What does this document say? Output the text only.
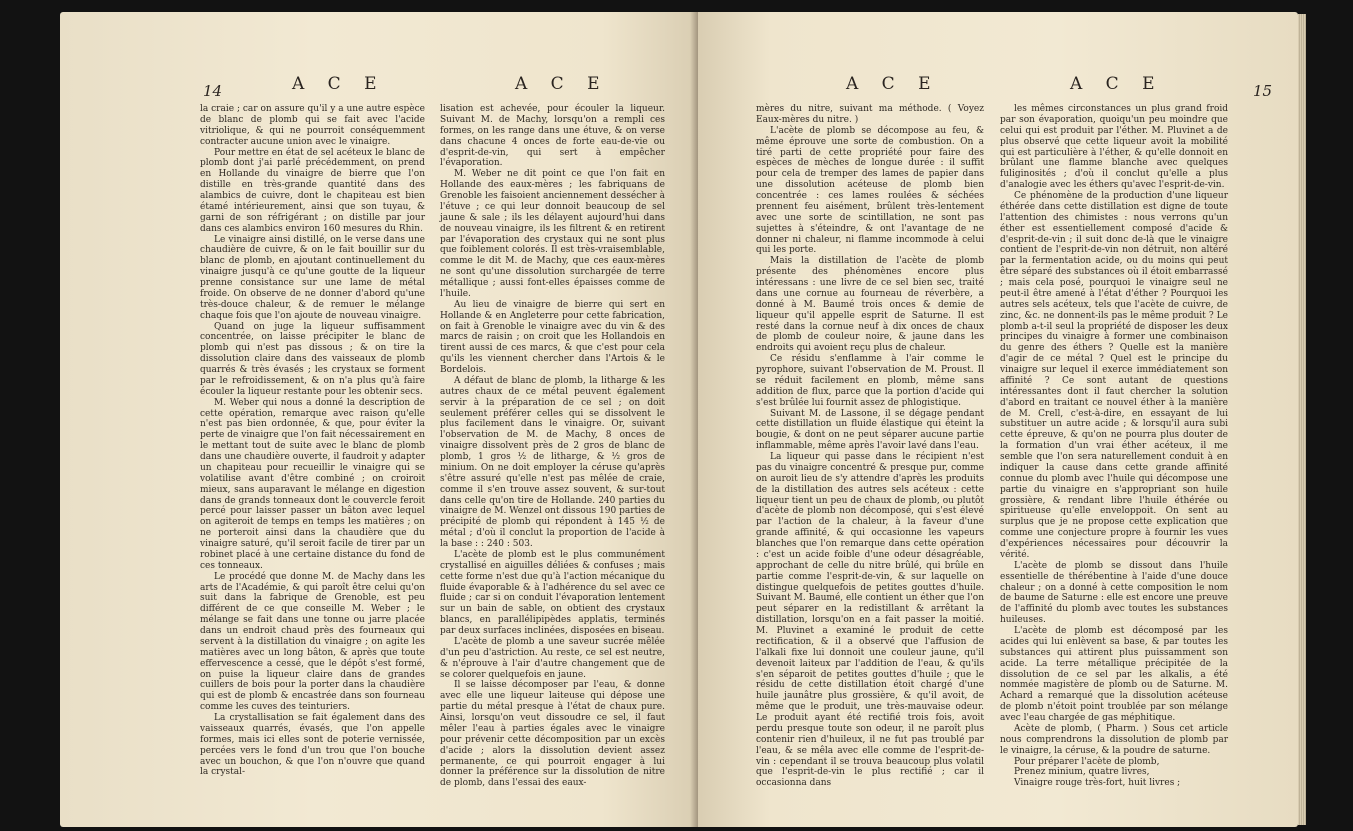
14	A C E	A C E

la craie ; car on assure qu'il y a une autre espèce de blanc de plomb qui se fait avec l'acide vitriolique, & qui ne pourroit conséquemment contracter aucune union avec le vinaigre.

Pour mettre en état de sel acéteux le blanc de plomb dont j'ai parlé précédemment, on prend en Hollande du vinaigre de bierre que l'on distille en très-grande quantité dans des alambics de cuivre, dont le chapiteau est bien étamé intérieurement, ainsi que son tuyau, & garni de son réfrigérant ; on distille par jour dans ces alambics environ 160 mesures du Rhin.

Le vinaigre ainsi distillé, on le verse dans une chaudière de cuivre, & on le fait bouillir sur du blanc de plomb, en ajoutant continuellement du vinaigre jusqu'à ce qu'une goutte de la liqueur prenne consistance sur une lame de métal froide. On observe de ne donner d'abord qu'une très-douce chaleur, & de remuer le mélange chaque fois que l'on ajoute de nouveau vinaigre.

Quand on juge la liqueur suffisamment concentrée, on laisse précipiter le blanc de plomb qui n'est pas dissous ; & on tire la dissolution claire dans des vaisseaux de plomb quarrés & très évasés ; les crystaux se forment par le refroidissement, & on n'a plus qu'à faire écouler la liqueur restante pour les obtenir secs.

M. Weber qui nous a donné la description de cette opération, remarque avec raison qu'elle n'est pas bien ordonnée, & que, pour éviter la perte de vinaigre que l'on fait nécessairement en le mettant tout de suite avec le blanc de plomb dans une chaudière ouverte, il faudroit y adapter un chapiteau pour recueillir le vinaigre qui se volatilise avant d'être combiné ; on croiroit mieux, sans auparavant le mélange en digestion dans de grands tonneaux dont le couvercle feroit percé pour laisser passer un bâton avec lequel on agiteroit de temps en temps les matières ; on ne porteroit ainsi dans la chaudière que du vinaigre saturé, qu'il seroit facile de tirer par un robinet placé à une certaine distance du fond de ces tonneaux.

Le procédé que donne M. de Machy dans les arts de l'Académie, & qui paroît être celui qu'on suit dans la fabrique de Grenoble, est peu différent de ce que conseille M. Weber ; le mélange se fait dans une tonne ou jarre placée dans un endroit chaud près des fourneaux qui servent à la distillation du vinaigre ; on agite les matières avec un long bâton, & après que toute effervescence a cessé, que le dépôt s'est formé, on puise la liqueur claire dans de grandes cuillers de bois pour la porter dans la chaudière qui est de plomb & encastrée dans son fourneau comme les cuves des teinturiers.

La crystallisation se fait également dans des vaisseaux quarrés, évasés, que l'on appelle formes, mais ici elles sont de poterie vernissée, percées vers le fond d'un trou que l'on bouche avec un bouchon, & que l'on n'ouvre que quand la crystal-

lisation est achevée, pour écouler la liqueur. Suivant M. de Machy, lorsqu'on a rempli ces formes, on les range dans une étuve, & on verse dans chacune 4 onces de forte eau-de-vie ou d'esprit-de-vin, qui sert à empêcher l'évaporation.

M. Weber ne dit point ce que l'on fait en Hollande des eaux-mères ; les fabriquans de Grenoble les faisoient anciennement dessécher à l'étuve ; ce qui leur donnoit beaucoup de sel jaune & sale ; ils les délayent aujourd'hui dans de nouveau vinaigre, ils les filtrent & en retirent par l'évaporation des crystaux qui ne sont plus que foiblement colorés. Il est très-vraisemblable, comme le dit M. de Machy, que ces eaux-mères ne sont qu'une dissolution surchargée de terre métallique ; aussi font-elles épaisses comme de l'huile.

Au lieu de vinaigre de bierre qui sert en Hollande & en Angleterre pour cette fabrication, on fait à Grenoble le vinaigre avec du vin & des marcs de raisin ; on croit que les Hollandois en tirent aussi de ces marcs, & que c'est pour cela qu'ils les viennent chercher dans l'Artois & le Bordelois.

A défaut de blanc de plomb, la litharge & les autres chaux de ce métal peuvent également servir à la préparation de ce sel ; on doit seulement préférer celles qui se dissolvent le plus facilement dans le vinaigre. Or, suivant l'observation de M. de Machy, 8 onces de vinaigre dissolvent près de 2 gros de blanc de plomb, 1 gros ½ de litharge, & ½ gros de minium. On ne doit employer la céruse qu'après s'être assuré qu'elle n'est pas mêlée de craie, comme il s'en trouve assez souvent, & sur-tout dans celle qu'on tire de Hollande. 240 parties du vinaigre de M. Wenzel ont dissous 190 parties de précipité de plomb qui répondent à 145 ½ de métal ; d'où il conclut la proportion de l'acide à la base : : 240 : 503.

L'acète de plomb est le plus communément crystallisé en aiguilles déliées & confuses ; mais cette forme n'est due qu'à l'action mécanique du fluide évaporable & à l'adhérence du sel avec ce fluide ; car si on conduit l'évaporation lentement sur un bain de sable, on obtient des crystaux blancs, en parallélipipèdes applatis, terminés par deux surfaces inclinées, disposées en biseau.

L'acète de plomb a une saveur sucrée mêlée d'un peu d'astriction. Au reste, ce sel est neutre, & n'éprouve à l'air d'autre changement que de se colorer quelquefois en jaune.

Il se laisse décomposer par l'eau, & donne avec elle une liqueur laiteuse qui dépose une partie du métal presque à l'état de chaux pure. Ainsi, lorsqu'on veut dissoudre ce sel, il faut mêler l'eau à parties égales avec le vinaigre pour prévenir cette décomposition par un excès d'acide ; alors la dissolution devient assez permanente, ce qui pourroit engager à lui donner la préférence sur la dissolution de nitre de plomb, dans l'essai des eaux-

A C E	A C E	15

mères du nitre, suivant ma méthode. ( Voyez Eaux-mères du nitre. )

L'acète de plomb se décompose au feu, & même éprouve une sorte de combustion. On a tiré parti de cette propriété pour faire des espèces de mèches de longue durée : il suffit pour cela de tremper des lames de papier dans une dissolution acéteuse de plomb bien concentrée : ces lames roulées & séchées prennent feu aisément, brûlent très-lentement avec une sorte de scintillation, ne sont pas sujettes à s'éteindre, & ont l'avantage de ne donner ni chaleur, ni flamme incommode à celui qui les porte.

Mais la distillation de l'acète de plomb présente des phénomènes encore plus intéressans : une livre de ce sel bien sec, traité dans une cornue au fourneau de réverbère, a donné à M. Baumé trois onces & demie de liqueur qu'il appelle esprit de Saturne. Il est resté dans la cornue neuf à dix onces de chaux de plomb de couleur noire, & jaune dans les endroits qui avoient reçu plus de chaleur.

Ce résidu s'enflamme à l'air comme le pyrophore, suivant l'observation de M. Proust. Il se réduit facilement en plomb, même sans addition de flux, parce que la portion d'acide qui s'est brûlée lui fournit assez de phlogistique.

Suivant M. de Lassone, il se dégage pendant cette distillation un fluide élastique qui éteint la bougie, & dont on ne peut séparer aucune partie inflammable, même après l'avoir lavé dans l'eau.

La liqueur qui passe dans le récipient n'est pas du vinaigre concentré & presque pur, comme on auroit lieu de s'y attendre d'après les produits de la distillation des autres sels acéteux : cette liqueur tient un peu de chaux de plomb, ou plutôt d'acète de plomb non décomposé, qui s'est élevé par l'action de la chaleur, à la faveur d'une grande affinité, & qui occasionne les vapeurs blanches que l'on remarque dans cette opération : c'est un acide foible d'une odeur désagréable, approchant de celle du nitre brûlé, qui brûle en partie comme l'esprit-de-vin, & sur laquelle on distingue quelquefois de petites gouttes d'huile. Suivant M. Baumé, elle contient un éther que l'on peut séparer en la redistillant & arrêtant la distillation, lorsqu'on en a fait passer la moitié. M. Pluvinet a examiné le produit de cette rectification, & il a observé que l'affusion de l'alkali fixe lui donnoit une couleur jaune, qu'il devenoit laiteux par l'addition de l'eau, & qu'ils s'en séparoit de petites gouttes d'huile ; que le résidu de cette distillation étoit chargé d'une huile jaunâtre plus grossière, & qu'il avoit, de même que le produit, une très-mauvaise odeur. Le produit ayant été rectifié trois fois, avoit perdu presque toute son odeur, il ne paroît plus contenir rien d'huileux, il ne fut pas troublé par l'eau, & se mêla avec elle comme de l'esprit-de-vin : cependant il se trouva beaucoup plus volatil que l'esprit-de-vin le plus rectifié ; car il occasionna dans

les mêmes circonstances un plus grand froid par son évaporation, quoiqu'un peu moindre que celui qui est produit par l'éther. M. Pluvinet a de plus observé que cette liqueur avoit la mobilité qui est particulière à l'éther, & qu'elle donnoit en brûlant une flamme blanche avec quelques fuliginosités ; d'où il conclut qu'elle a plus d'analogie avec les éthers qu'avec l'esprit-de-vin.

Ce phénomène de la production d'une liqueur éthérée dans cette distillation est digne de toute l'attention des chimistes : nous verrons qu'un éther est essentiellement composé d'acide & d'esprit-de-vin ; il suit donc de-là que le vinaigre contient de l'esprit-de-vin non détruit, non altéré par la fermentation acide, ou du moins qui peut être séparé des substances où il étoit embarrassé ; mais cela posé, pourquoi le vinaigre seul ne peut-il être amené à l'état d'éther ? Pourquoi les autres sels acéteux, tels que l'acète de cuivre, de zinc, &c. ne donnent-ils pas le même produit ? Le plomb a-t-il seul la propriété de disposer les deux principes du vinaigre à former une combinaison du genre des éthers ? Quelle est la manière d'agir de ce métal ? Quel est le principe du vinaigre sur lequel il exerce immédiatement son affinité ? Ce sont autant de questions intéressantes dont il faut chercher la solution d'abord en traitant ce nouvel éther à la manière de M. Crell, c'est-à-dire, en essayant de lui substituer un autre acide ; & lorsqu'il aura subi cette épreuve, & qu'on ne pourra plus douter de la formation d'un vrai éther acéteux, il me semble que l'on sera naturellement conduit à en indiquer la cause dans cette grande affinité connue du plomb avec l'huile qui décompose une partie du vinaigre en s'appropriant son huile grossière, & rendant libre l'huile éthérée ou spiritueuse qu'elle enveloppoit. On sent au surplus que je ne propose cette explication que comme une conjecture propre à fournir les vues d'expériences nécessaires pour découvrir la vérité.

L'acète de plomb se dissout dans l'huile essentielle de thérébentine à l'aide d'une douce chaleur ; on a donné à cette composition le nom de baume de Saturne : elle est encore une preuve de l'affinité du plomb avec toutes les substances huileuses.

L'acète de plomb est décomposé par les acides qui lui enlèvent sa base, & par toutes les substances qui attirent plus puissamment son acide. La terre métallique précipitée de la dissolution de ce sel par les alkalis, a été nommée magistère de plomb ou de Saturne. M. Achard a remarqué que la dissolution acéteuse de plomb n'étoit point troublée par son mélange avec l'eau chargée de gas méphitique.

Acète de plomb, ( Pharm. ) Sous cet article nous comprendrons la dissolution de plomb par le vinaigre, la céruse, & la poudre de saturne.

Pour préparer l'acète de plomb,

Prenez minium, quatre livres,

Vinaigre rouge très-fort, huit livres ;
